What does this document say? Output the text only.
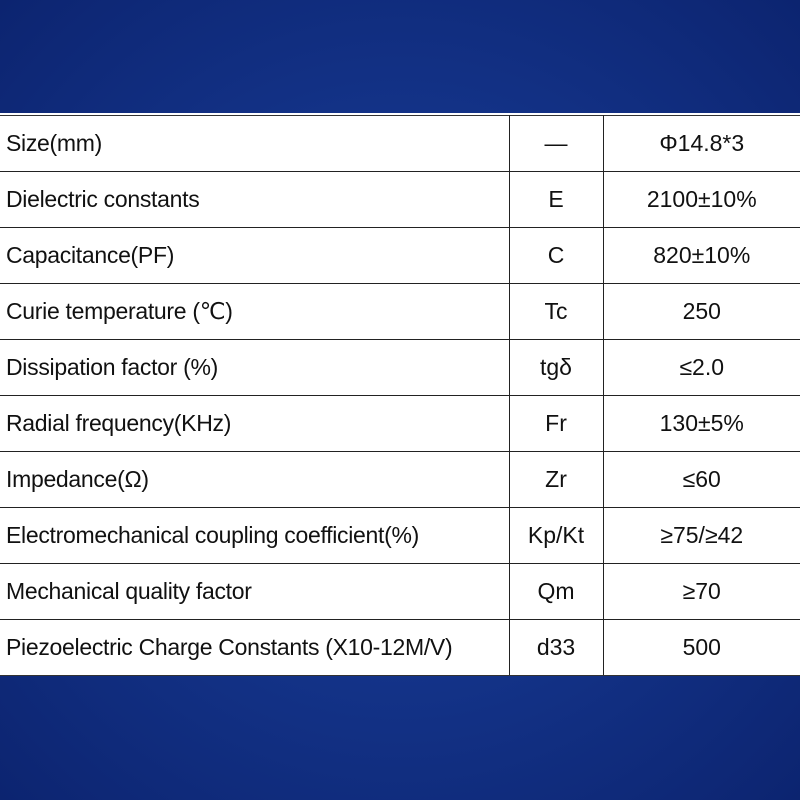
Size(mm)	—	Φ14.8*3
Dielectric constants	E	2100±10%
Capacitance(PF)	C	820±10%
Curie temperature (℃)	Tc	250
Dissipation factor (%)	tgδ	≤2.0
Radial frequency(KHz)	Fr	130±5%
Impedance(Ω)	Zr	≤60
Electromechanical coupling coefficient(%)	Kp/Kt	≥75/≥42
Mechanical quality factor	Qm	≥70
Piezoelectric Charge Constants (X10-12M/V)	d33	500
